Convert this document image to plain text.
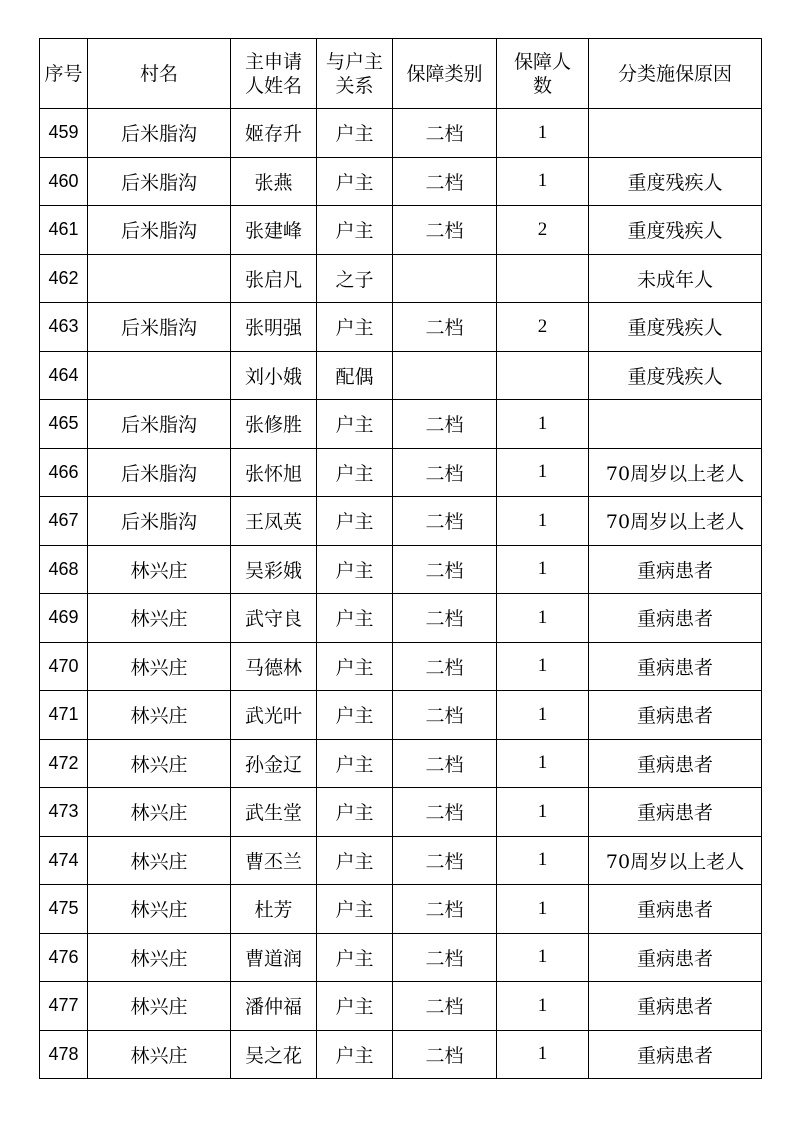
序号	村名	主申请人姓名	与户主关系	保障类别	保障人数	分类施保原因
459	后米脂沟	姬存升	户主	二档	1	
460	后米脂沟	张燕	户主	二档	1	重度残疾人
461	后米脂沟	张建峰	户主	二档	2	重度残疾人
462		张启凡	之子			未成年人
463	后米脂沟	张明强	户主	二档	2	重度残疾人
464		刘小娥	配偶			重度残疾人
465	后米脂沟	张修胜	户主	二档	1	
466	后米脂沟	张怀旭	户主	二档	1	70周岁以上老人
467	后米脂沟	王凤英	户主	二档	1	70周岁以上老人
468	林兴庄	吴彩娥	户主	二档	1	重病患者
469	林兴庄	武守良	户主	二档	1	重病患者
470	林兴庄	马德林	户主	二档	1	重病患者
471	林兴庄	武光叶	户主	二档	1	重病患者
472	林兴庄	孙金辽	户主	二档	1	重病患者
473	林兴庄	武生堂	户主	二档	1	重病患者
474	林兴庄	曹丕兰	户主	二档	1	70周岁以上老人
475	林兴庄	杜芳	户主	二档	1	重病患者
476	林兴庄	曹道润	户主	二档	1	重病患者
477	林兴庄	潘仲福	户主	二档	1	重病患者
478	林兴庄	吴之花	户主	二档	1	重病患者
